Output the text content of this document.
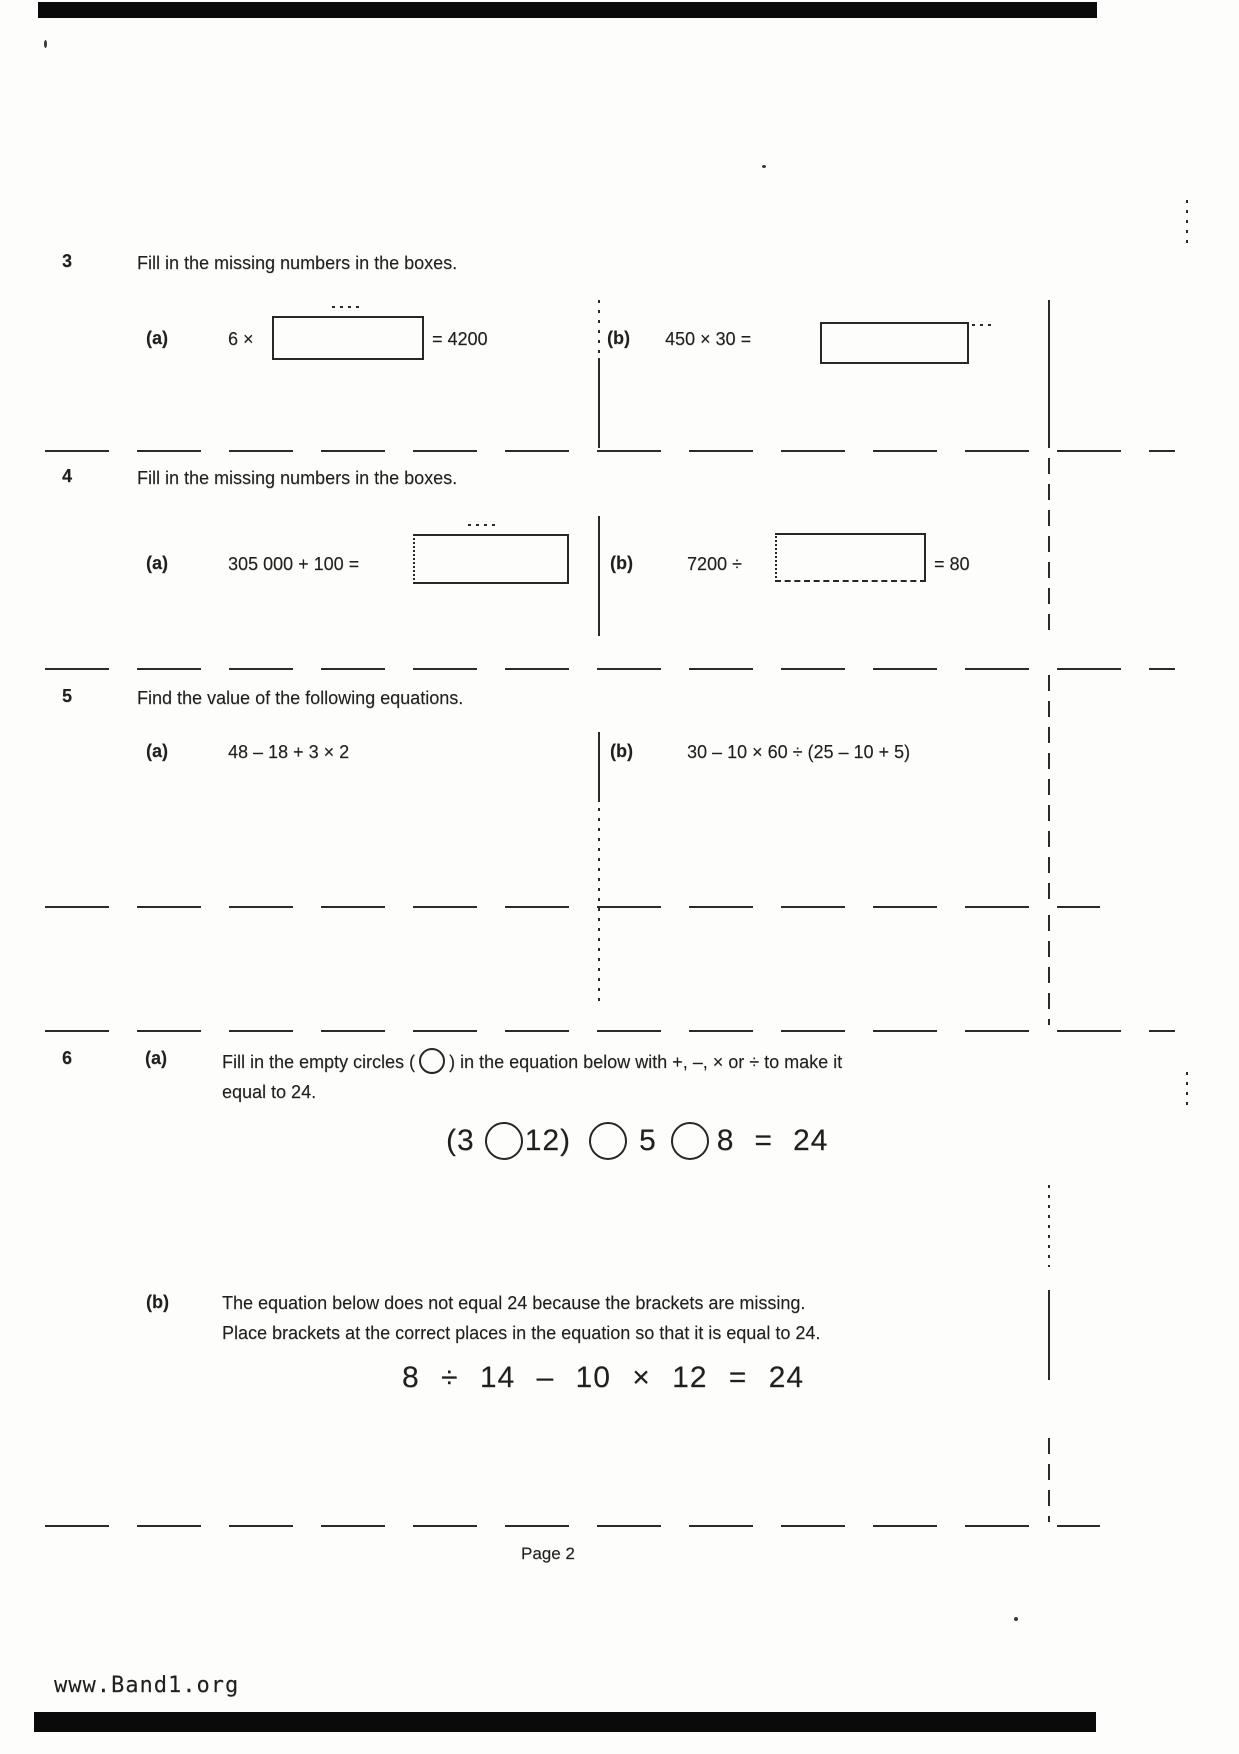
3	Fill in the missing numbers in the boxes.
(a)	6 ×	= 4200	(b) 450 × 30 =
4	Fill in the missing numbers in the boxes.
(a)	305 000 + 100 =	(b)	7200 ÷	= 80
5	Find the value of the following equations.
(a)	48 – 18 + 3 × 2	(b)	30 – 10 × 60 ÷ (25 – 10 + 5)
6	(a)	Fill in the empty circles ( ) in the equation below with +, –, × or ÷ to make it
equal to 24.
(3 12) 5 8 = 24
(b)	The equation below does not equal 24 because the brackets are missing.
Place brackets at the correct places in the equation so that it is equal to 24.
8 ÷ 14 – 10 × 12 = 24
Page 2
www.Band1.org
